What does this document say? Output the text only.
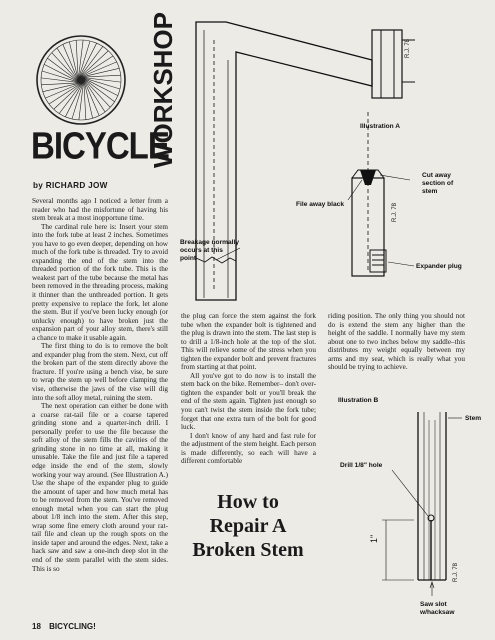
BICYCLE
WORKSHOP
by RICHARD JOW

Several months ago I noticed a letter from a reader who had the misfortune of having his stem break at a most inopportune time.

The cardinal rule here is: Insert your stem into the fork tube at least 2 inches. Sometimes you have to go even deeper, depending on how much of the fork tube is threaded. Try to avoid expanding the end of the stem into the threaded portion of the fork tube. This is the weakest part of the tube because the metal has been removed in the threading process, making it thinner than the unthreaded portion. It gets pretty expensive to replace the fork, let alone the stem. But if you've been lucky enough (or unlucky enough) to have broken just the expansion part of your alloy stem, there's still a chance to make it usable again.

The first thing to do is to remove the bolt and expander plug from the stem. Next, cut off the broken part of the stem directly above the fracture. If you're using a bench vise, be sure to wrap the stem up well before clamping the vise, otherwise the jaws of the vise will dig into the soft alloy metal, ruining the stem.

The next operation can either be done with a coarse rat-tail file or a coarse tapered grinding stone and a quarter-inch drill. I personally prefer to use the file because the soft alloy of the stem fills the cavities of the grinding stone in no time at all, making it unusable. Take the file and just file a tapered edge inside the end of the stem, slowly working your way around. (See Illustration A.) Use the shape of the expander plug to guide the amount of taper and how much metal has to be removed from the stem. You've removed enough metal when you can start the plug about 1/8 inch into the stem. After this step, wrap some fine emery cloth around your rat-tail file and clean up the rough spots on the inside taper and around the edges. Next, take a hack saw and saw a one-inch deep slot in the end of the stem parallel with the stem sides. This is so

the plug can force the stem against the fork tube when the expander bolt is tightened and the plug is drawn into the stem. The last step is to drill a 1/8-inch hole at the top of the slot. This will relieve some of the stress when you tighten the expander bolt and prevent fractures from starting at that point.

All you've got to do now is to install the stem back on the bike. Remember– don't over-tighten the expander bolt or you'll break the end of the stem again. Tighten just enough so you can't twist the stem inside the fork tube; forget that one extra turn of the bolt for good luck.

I don't know of any hard and fast rule for the adjustment of the stem height. Each person is made differently, so each will have a different comfortable

riding position. The only thing you should not do is extend the stem any higher than the height of the saddle. I normally have my stem about one to two inches below my saddle–this distributes my weight equally between my arms and my seat, which is really what you should be trying to achieve.

How to
Repair A
Broken Stem
Illustration A
Breakage normally occurs at this point
File away black
Cut away section of stem
Expander plug
R.J. 78
R.J. 78
Illustration B
Stem
Drill 1/8" hole
1"
Saw slot w/hacksaw
R.J. 78
18 BICYCLING!
